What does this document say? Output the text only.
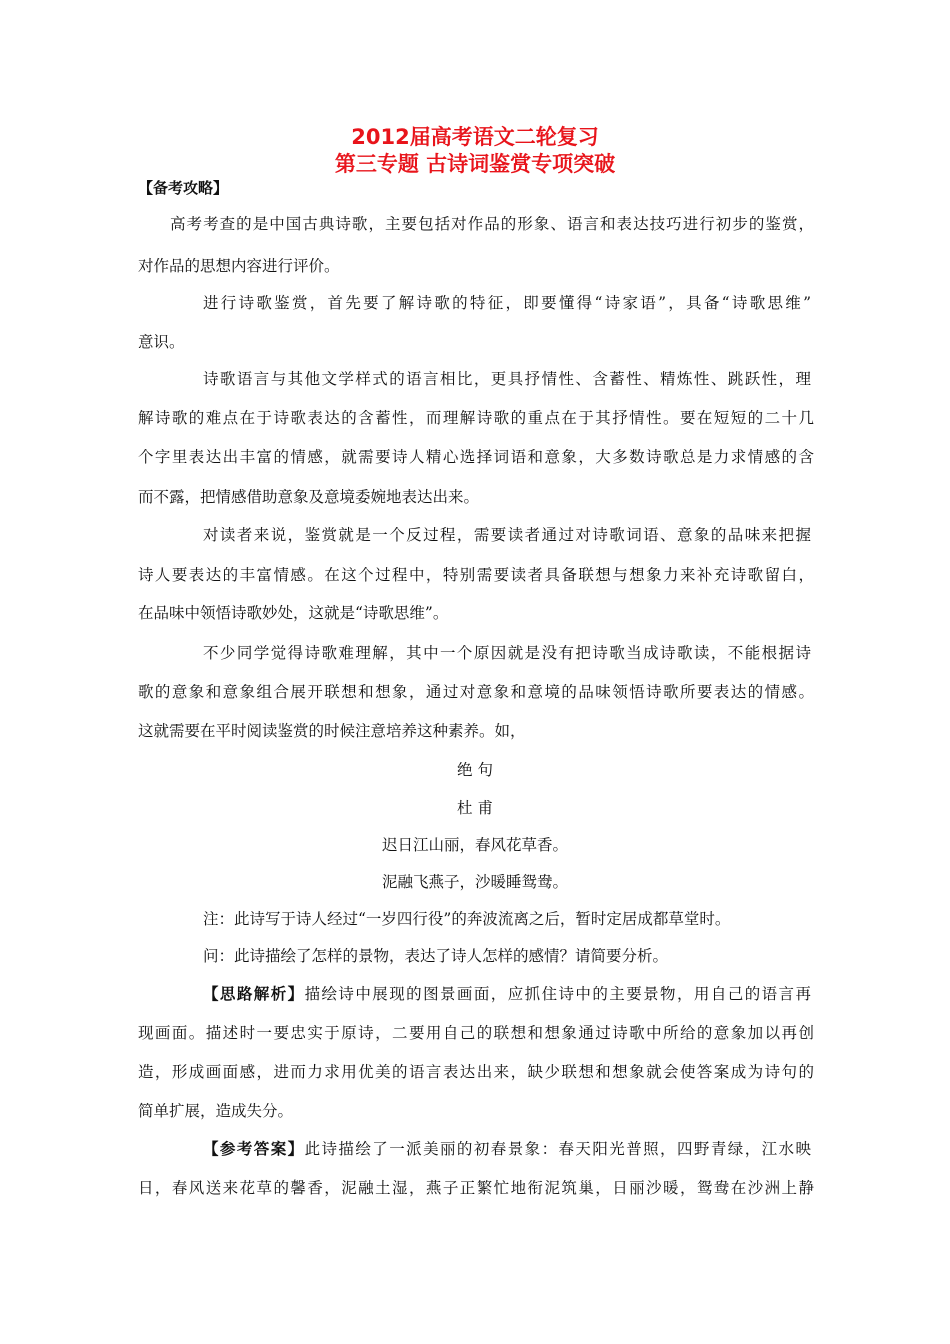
2012届高考语文二轮复习
第三专题 古诗词鉴赏专项突破
【备考攻略】
高考考查的是中国古典诗歌，主要包括对作品的形象、语言和表达技巧进行初步的鉴赏，
对作品的思想内容进行评价。
进行诗歌鉴赏，首先要了解诗歌的特征，即要懂得“诗家语”，具备“诗歌思维”
意识。
诗歌语言与其他文学样式的语言相比，更具抒情性、含蓄性、精炼性、跳跃性，理
解诗歌的难点在于诗歌表达的含蓄性，而理解诗歌的重点在于其抒情性。要在短短的二十几
个字里表达出丰富的情感，就需要诗人精心选择词语和意象，大多数诗歌总是力求情感的含
而不露，把情感借助意象及意境委婉地表达出来。
对读者来说，鉴赏就是一个反过程，需要读者通过对诗歌词语、意象的品味来把握
诗人要表达的丰富情感。在这个过程中，特别需要读者具备联想与想象力来补充诗歌留白，
在品味中领悟诗歌妙处，这就是“诗歌思维”。
不少同学觉得诗歌难理解，其中一个原因就是没有把诗歌当成诗歌读，不能根据诗
歌的意象和意象组合展开联想和想象，通过对意象和意境的品味领悟诗歌所要表达的情感。
这就需要在平时阅读鉴赏的时候注意培养这种素养。如，
绝 句
杜 甫
迟日江山丽，春风花草香。
泥融飞燕子，沙暖睡鸳鸯。
注：此诗写于诗人经过“一岁四行役”的奔波流离之后，暂时定居成都草堂时。
问：此诗描绘了怎样的景物，表达了诗人怎样的感情？请简要分析。
【思路解析】描绘诗中展现的图景画面，应抓住诗中的主要景物，用自己的语言再
现画面。描述时一要忠实于原诗，二要用自己的联想和想象通过诗歌中所给的意象加以再创
造，形成画面感，进而力求用优美的语言表达出来，缺少联想和想象就会使答案成为诗句的
简单扩展，造成失分。
【参考答案】此诗描绘了一派美丽的初春景象：春天阳光普照，四野青绿，江水映
日，春风送来花草的馨香，泥融土湿，燕子正繁忙地衔泥筑巢，日丽沙暖，鸳鸯在沙洲上静
